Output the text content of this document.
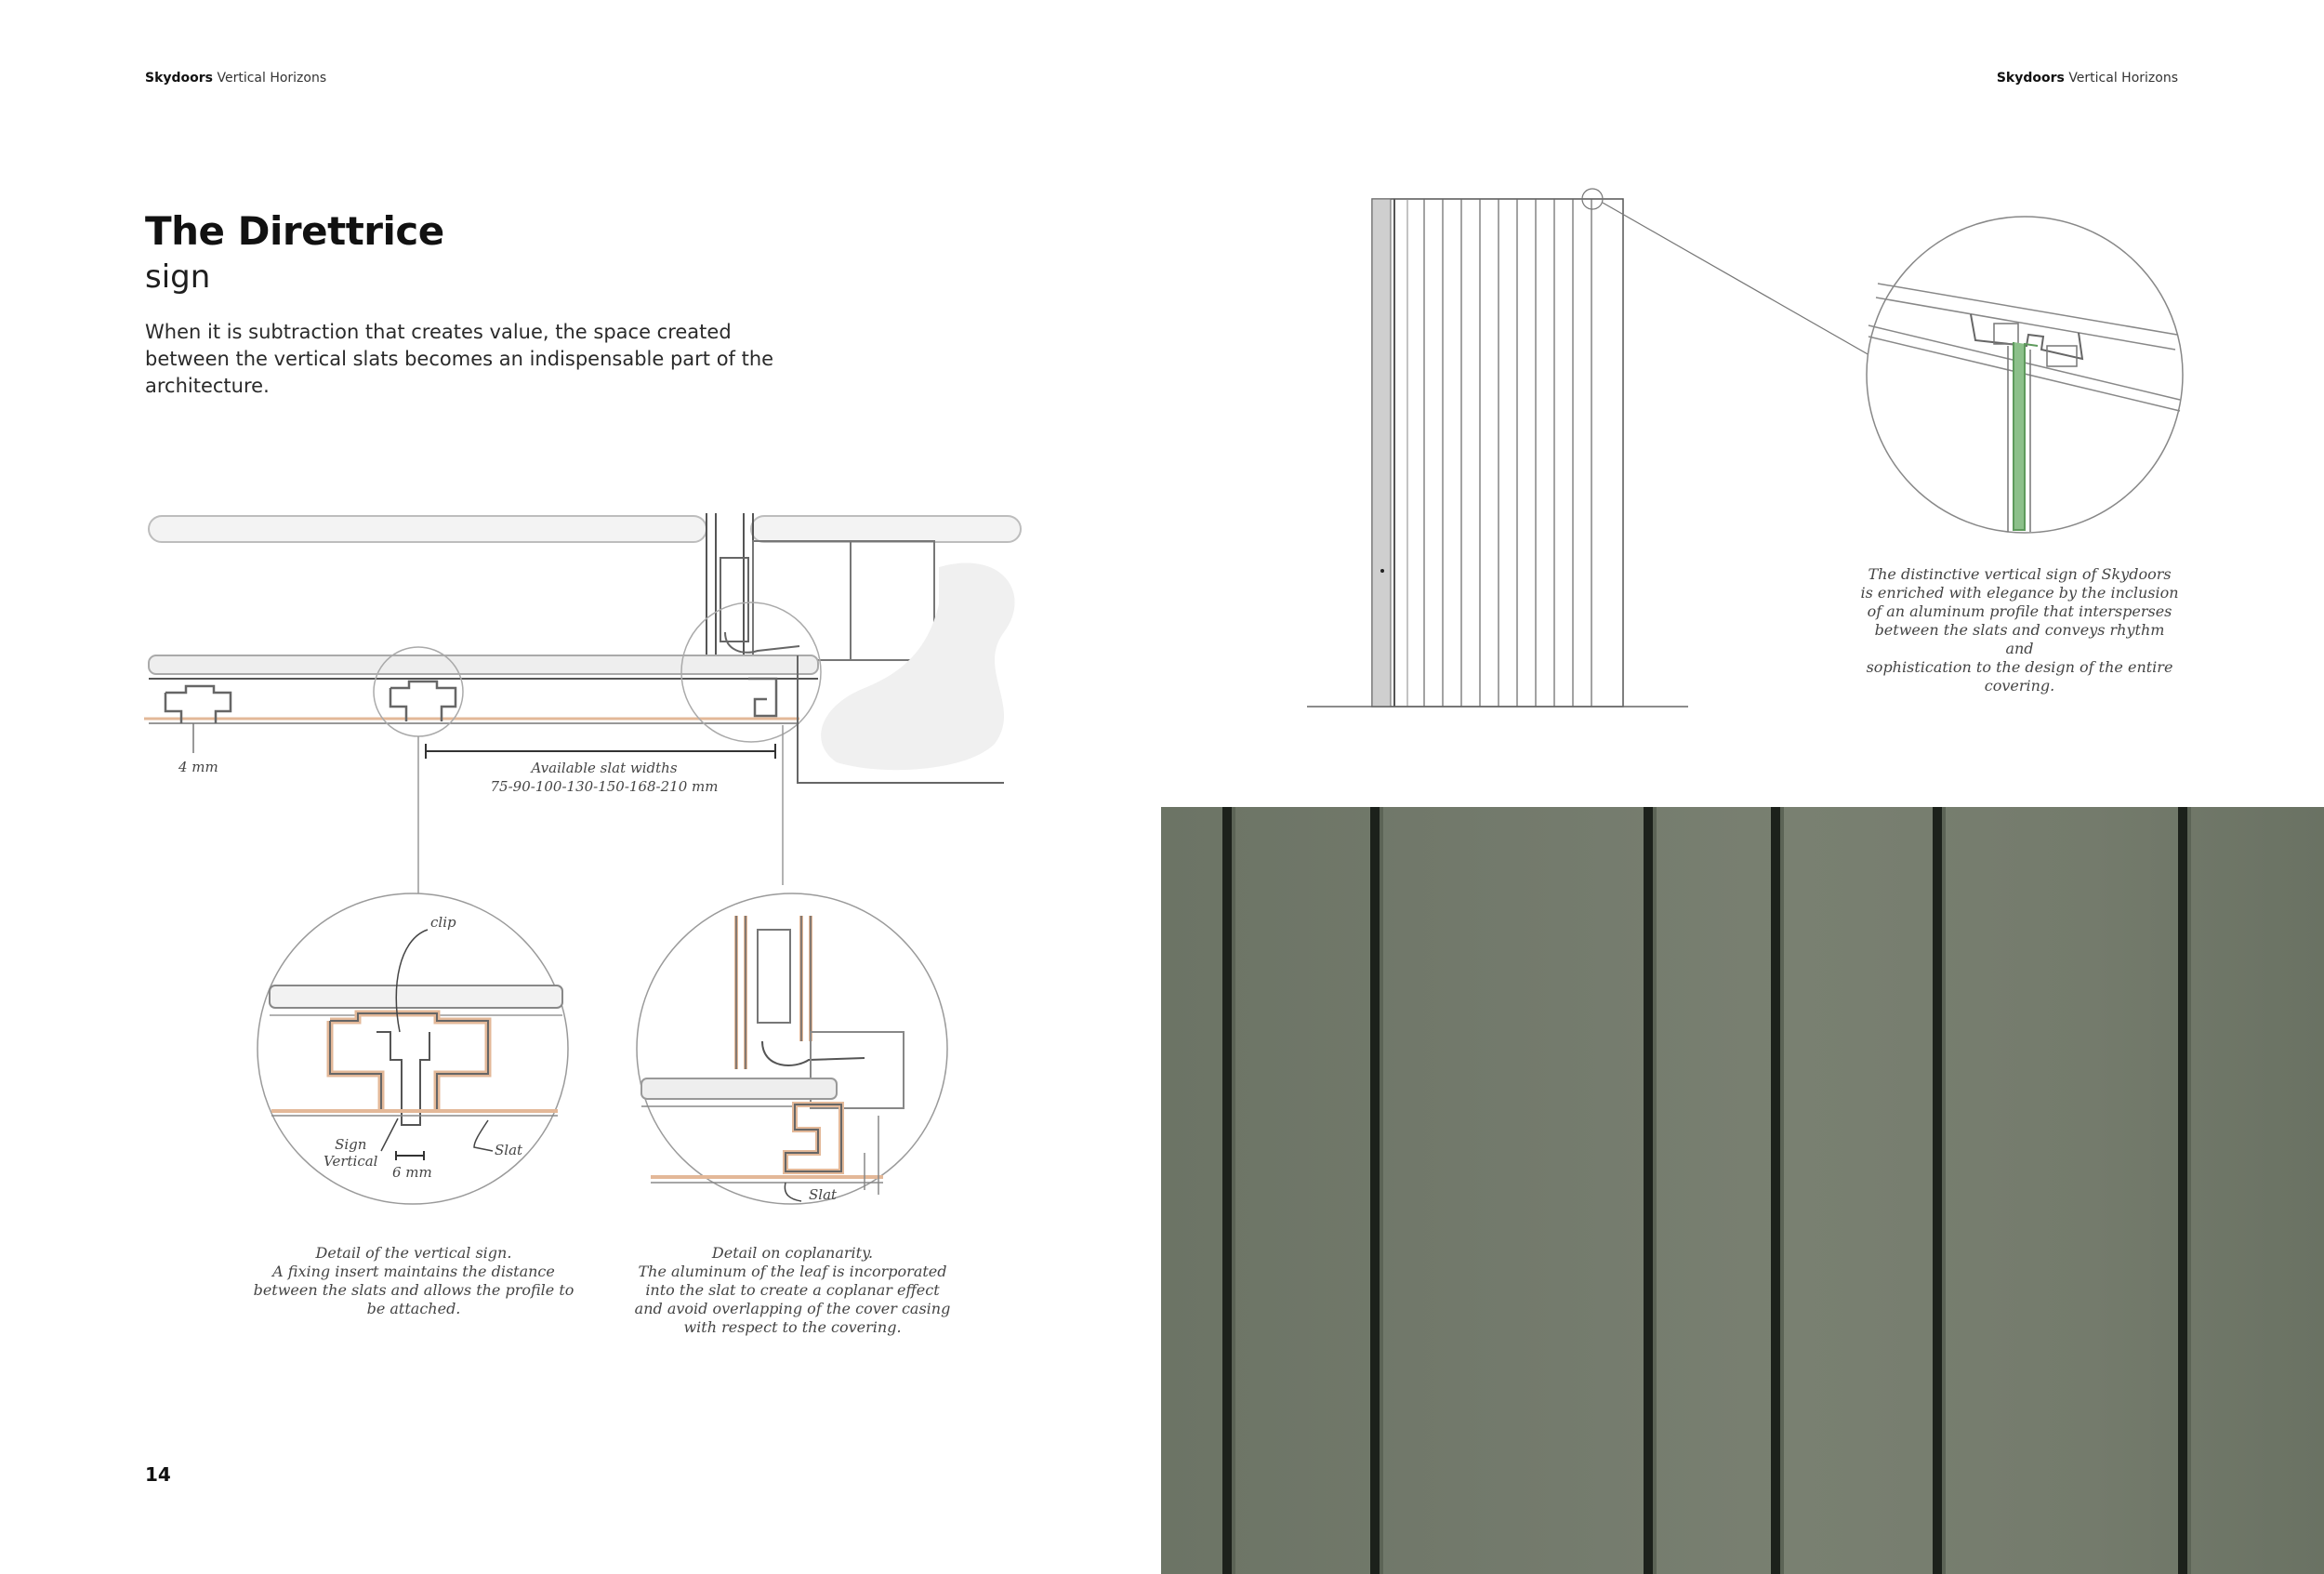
Skydoors Vertical Horizons	Skydoors Vertical Horizons
The Direttrice
sign
When it is subtraction that creates value, the space created between the vertical slats becomes an indispensable part of the architecture.
4 mm	Available slat widths
75-90-100-130-150-168-210 mm
clip
Sign
Vertical
6 mm
Slat
Slat
Detail of the vertical sign.
A fixing insert maintains the distance
between the slats and allows the profile to
be attached.
Detail on coplanarity.
The aluminum of the leaf is incorporated
into the slat to create a coplanar effect
and avoid overlapping of the cover casing
with respect to the covering.
The distinctive vertical sign of Skydoors
is enriched with elegance by the inclusion
of an aluminum profile that intersperses
between the slats and conveys rhythm and
sophistication to the design of the entire
covering.
14
